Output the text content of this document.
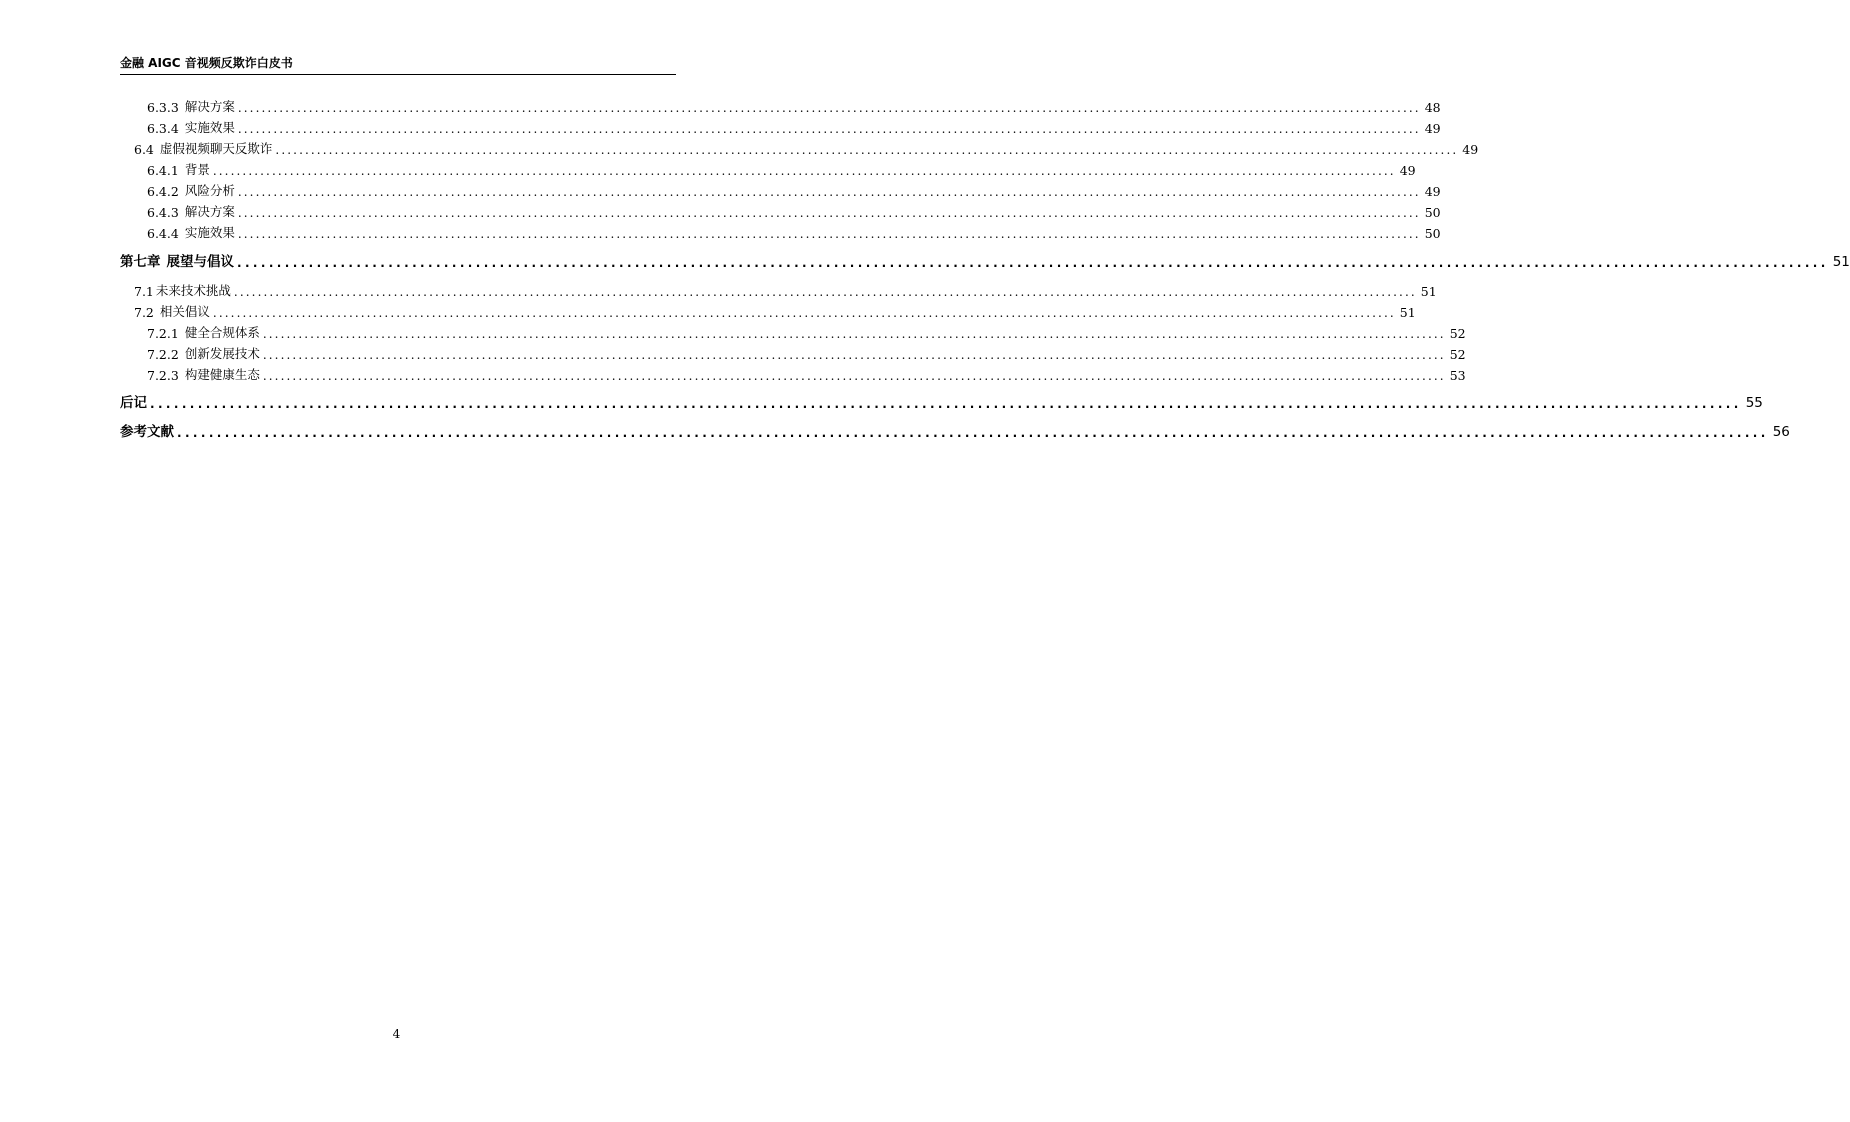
金融 AIGC 音视频反欺诈白皮书
6.3.3 解决方案 ........................................................................................................................................................................................................ 48
6.3.4 实施效果 ........................................................................................................................................................................................................ 49
6.4 虚假视频聊天反欺诈 ........................................................................................................................................................................................................ 49
6.4.1 背景 ........................................................................................................................................................................................................ 49
6.4.2 风险分析 ........................................................................................................................................................................................................ 49
6.4.3 解决方案 ........................................................................................................................................................................................................ 50
6.4.4 实施效果 ........................................................................................................................................................................................................ 50
第七章 展望与倡议 ........................................................................................................................................................................................................ 51
7.1 未来技术挑战 ........................................................................................................................................................................................................ 51
7.2 相关倡议 ........................................................................................................................................................................................................ 51
7.2.1 健全合规体系 ........................................................................................................................................................................................................ 52
7.2.2 创新发展技术 ........................................................................................................................................................................................................ 52
7.2.3 构建健康生态 ........................................................................................................................................................................................................ 53
后记 ........................................................................................................................................................................................................ 55
参考文献 ........................................................................................................................................................................................................ 56
4
